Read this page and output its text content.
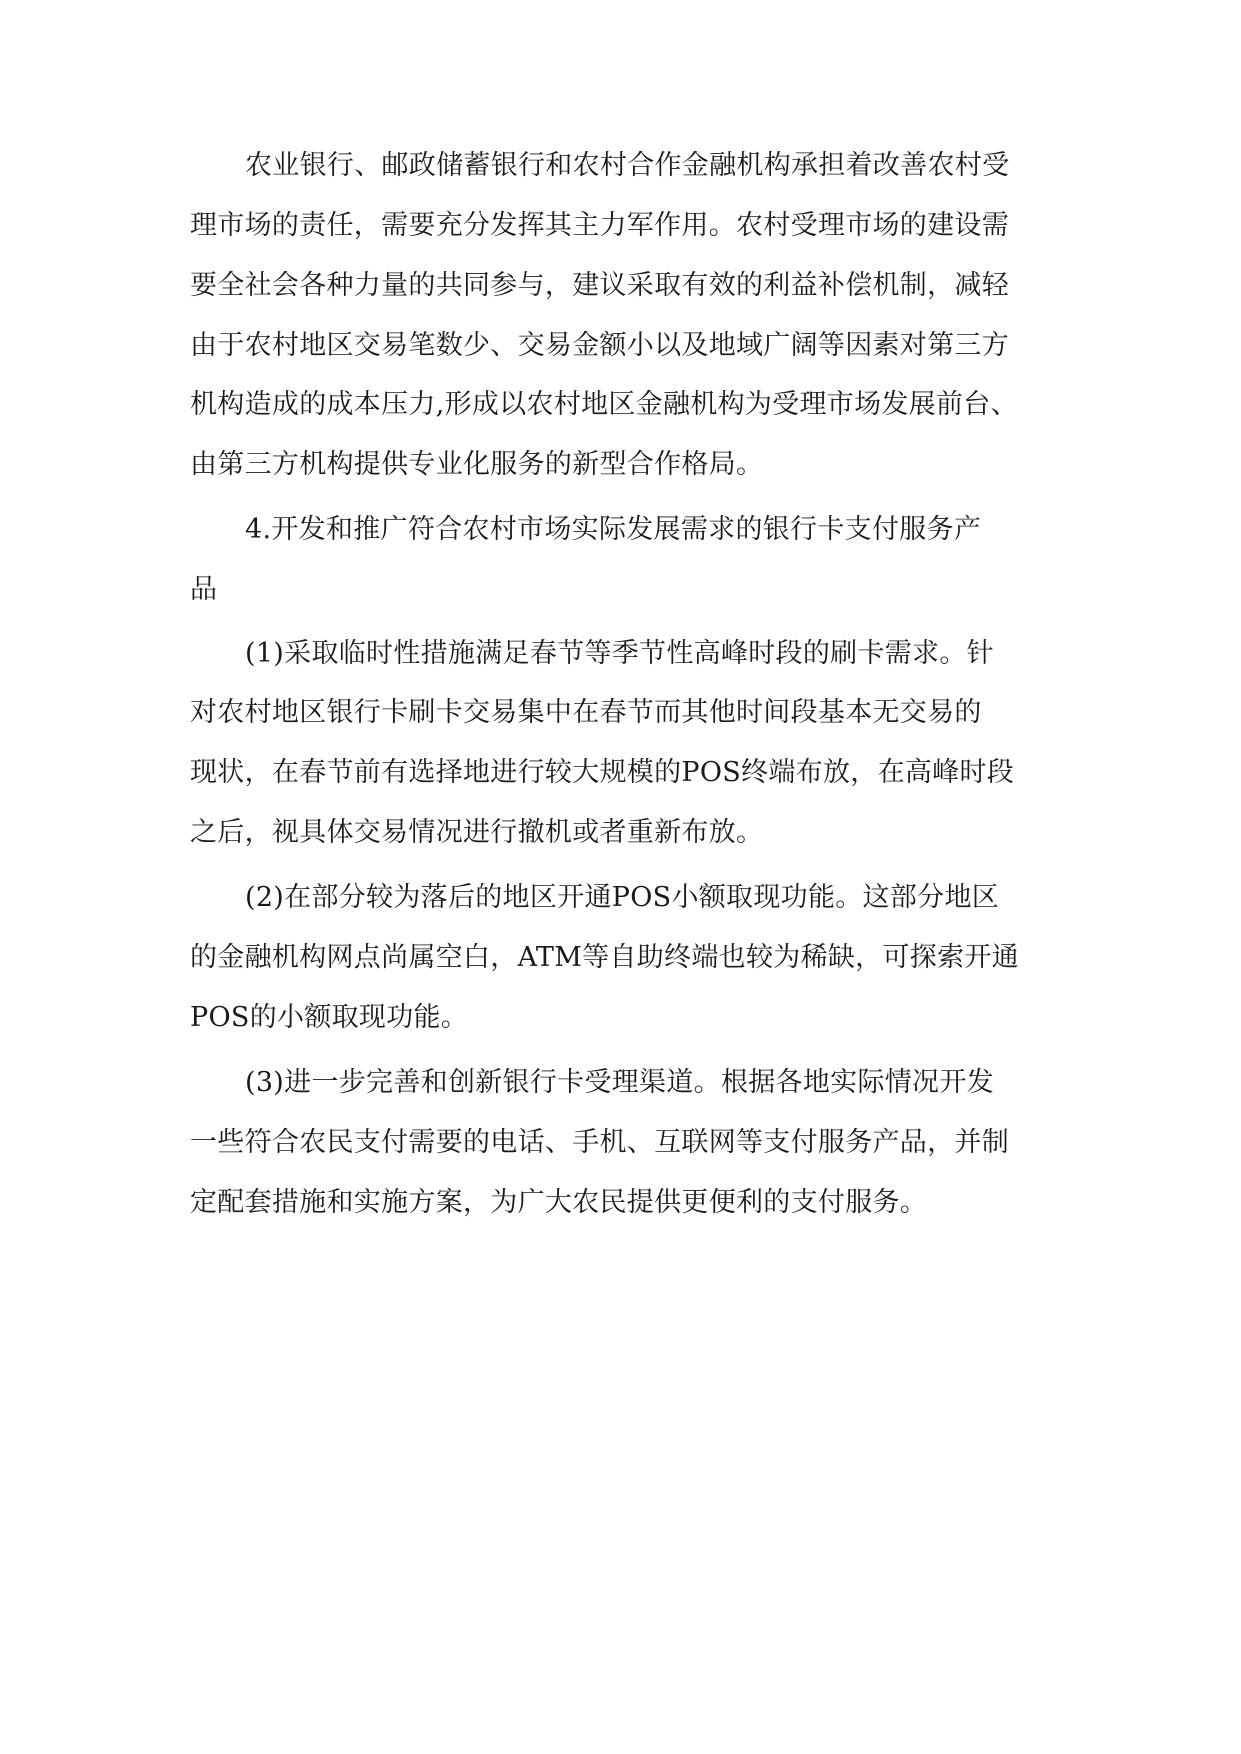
农业银行、邮政储蓄银行和农村合作金融机构承担着改善农村受
理市场的责任，需要充分发挥其主力军作用。农村受理市场的建设需
要全社会各种力量的共同参与，建议采取有效的利益补偿机制，减轻
由于农村地区交易笔数少、交易金额小以及地域广阔等因素对第三方
机构造成的成本压力,形成以农村地区金融机构为受理市场发展前台、
由第三方机构提供专业化服务的新型合作格局。
4.开发和推广符合农村市场实际发展需求的银行卡支付服务产
品
(1)采取临时性措施满足春节等季节性高峰时段的刷卡需求。针
对农村地区银行卡刷卡交易集中在春节而其他时间段基本无交易的
现状，在春节前有选择地进行较大规模的POS终端布放，在高峰时段
之后，视具体交易情况进行撤机或者重新布放。
(2)在部分较为落后的地区开通POS小额取现功能。这部分地区
的金融机构网点尚属空白，ATM等自助终端也较为稀缺，可探索开通
POS的小额取现功能。
(3)进一步完善和创新银行卡受理渠道。根据各地实际情况开发
一些符合农民支付需要的电话、手机、互联网等支付服务产品，并制
定配套措施和实施方案，为广大农民提供更便利的支付服务。
